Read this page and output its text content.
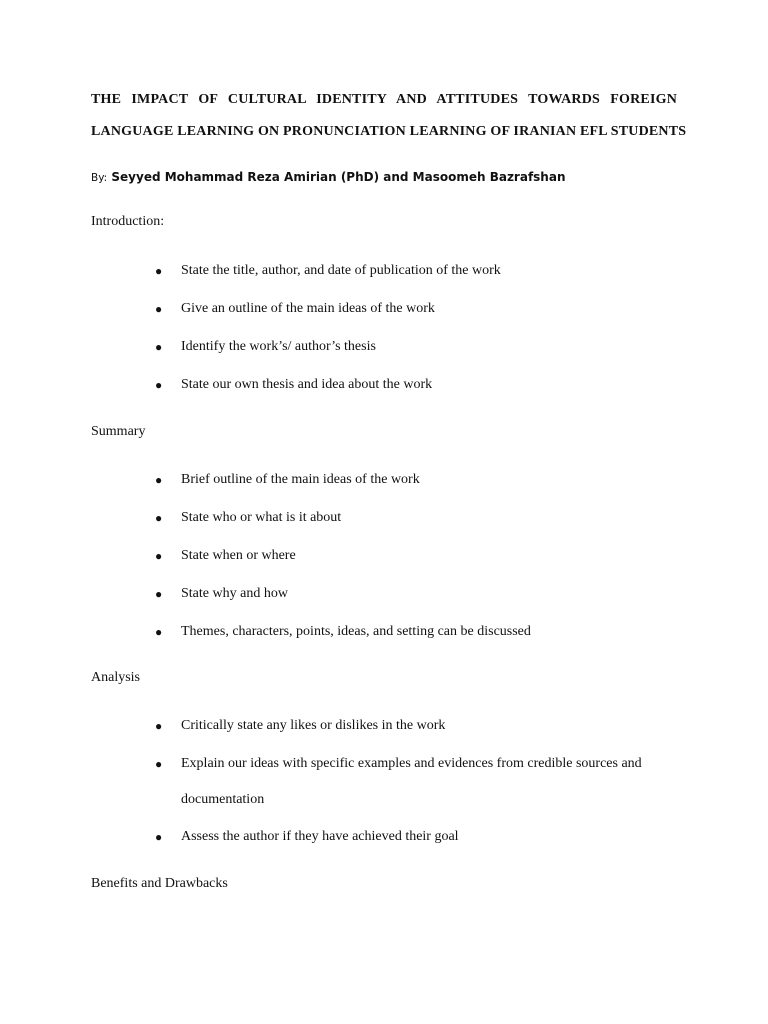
THE IMPACT OF CULTURAL IDENTITY AND ATTITUDES TOWARDS FOREIGN

LANGUAGE LEARNING ON PRONUNCIATION LEARNING OF IRANIAN EFL STUDENTS

By: Seyyed Mohammad Reza Amirian (PhD) and Masoomeh Bazrafshan
Introduction:
●	State the title, author, and date of publication of the work
●	Give an outline of the main ideas of the work
●	Identify the work’s/ author’s thesis
●	State our own thesis and idea about the work
Summary
●	Brief outline of the main ideas of the work
●	State who or what is it about
●	State when or where
●	State why and how
●	Themes, characters, points, ideas, and setting can be discussed
Analysis
●	Critically state any likes or dislikes in the work
●	Explain our ideas with specific examples and evidences from credible sources and documentation
●	Assess the author if they have achieved their goal
Benefits and Drawbacks
